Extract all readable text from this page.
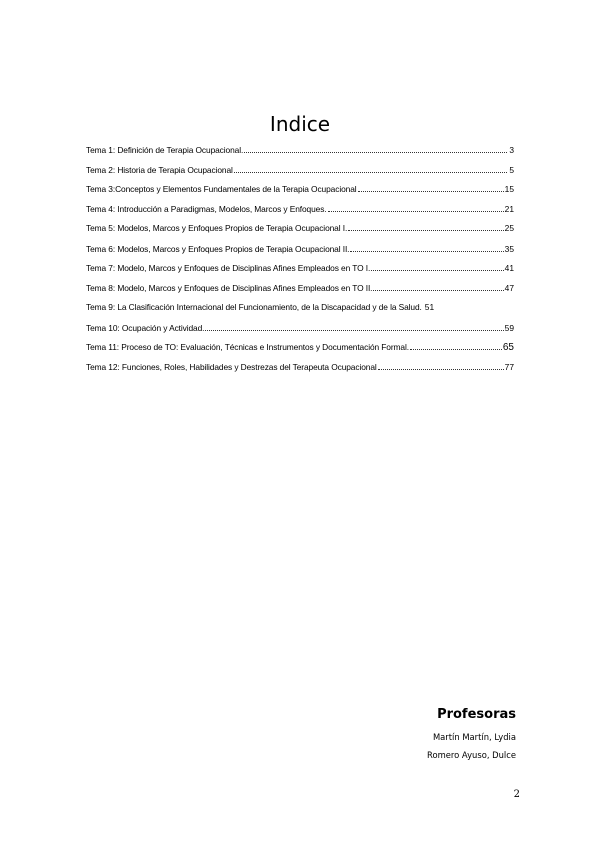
Indice
Tema 1: Definición de Terapia Ocupacional.	3
Tema 2: Historia de Terapia Ocupacional	5
Tema 3:Conceptos y Elementos Fundamentales de la Terapia Ocupacional	15
Tema 4: Introducción a Paradigmas, Modelos, Marcos y Enfoques.	21
Tema 5: Modelos, Marcos y Enfoques Propios de Terapia Ocupacional I.	25
Tema 6: Modelos, Marcos y Enfoques Propios de Terapia Ocupacional II.	35
Tema 7: Modelo, Marcos y Enfoques de Disciplinas Afines Empleados en TO I.	41
Tema 8: Modelo, Marcos y Enfoques de Disciplinas Afines Empleados en TO II.	47
Tema 9: La Clasificación Internacional del Funcionamiento, de la Discapacidad y de la Salud. 51
Tema 10: Ocupación y Actividad.	59
Tema 11: Proceso de TO: Evaluación, Técnicas e Instrumentos y Documentación Formal.	65
Tema 12: Funciones, Roles, Habilidades y Destrezas del Terapeuta Ocupacional	77
Profesoras
Martín Martín, Lydia
Romero Ayuso, Dulce
2
